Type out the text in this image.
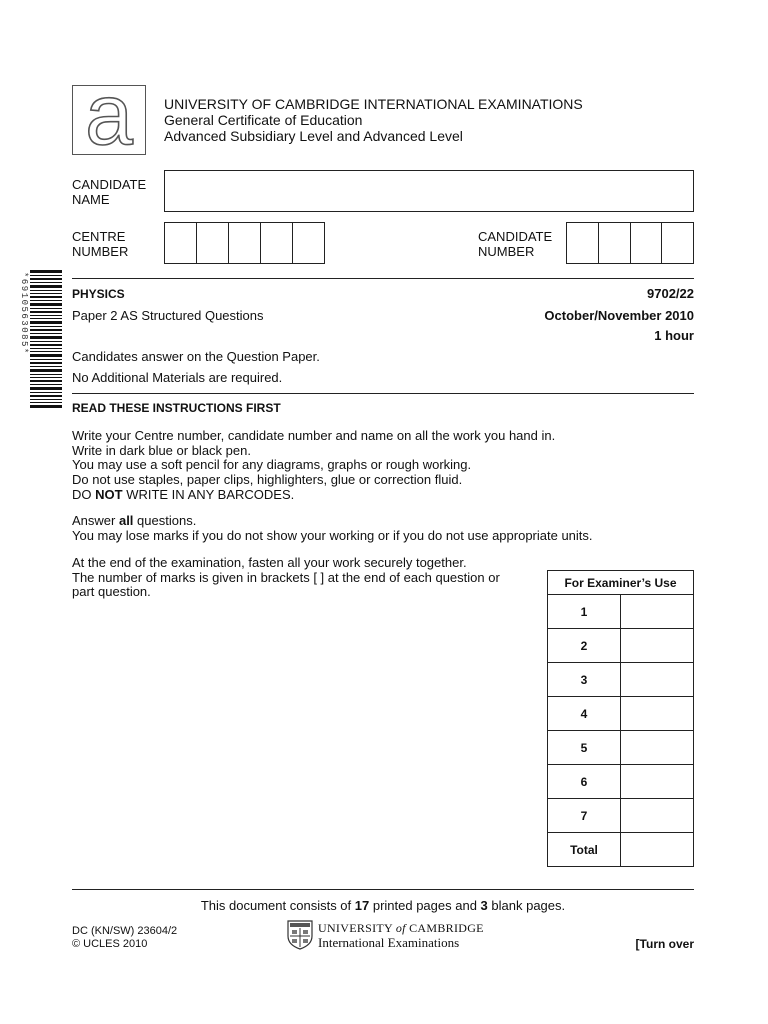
a	UNIVERSITY OF CAMBRIDGE INTERNATIONAL EXAMINATIONS
General Certificate of Education
Advanced Subsidiary Level and Advanced Level
CANDIDATE
NAME
CENTRE
NUMBER
CANDIDATE
NUMBER
*6910563085*	PHYSICS	9702/22
Paper 2 AS Structured Questions	October/November 2010
1 hour
Candidates answer on the Question Paper.
No Additional Materials are required.
READ THESE INSTRUCTIONS FIRST
Write your Centre number, candidate number and name on all the work you hand in.
Write in dark blue or black pen.
You may use a soft pencil for any diagrams, graphs or rough working.
Do not use staples, paper clips, highlighters, glue or correction fluid.
DO NOT WRITE IN ANY BARCODES.
Answer all questions.
You may lose marks if you do not show your working or if you do not use appropriate units.
At the end of the examination, fasten all your work securely together.
The number of marks is given in brackets [ ] at the end of each question or
part question.
For Examiner’s Use	
1	
2	
3	
4	
5	
6	
7	
Total	
This document consists of 17 printed pages and 3 blank pages.
DC (KN/SW) 23604/2
© UCLES 2010
UNIVERSITY of CAMBRIDGE
International Examinations	[Turn over
